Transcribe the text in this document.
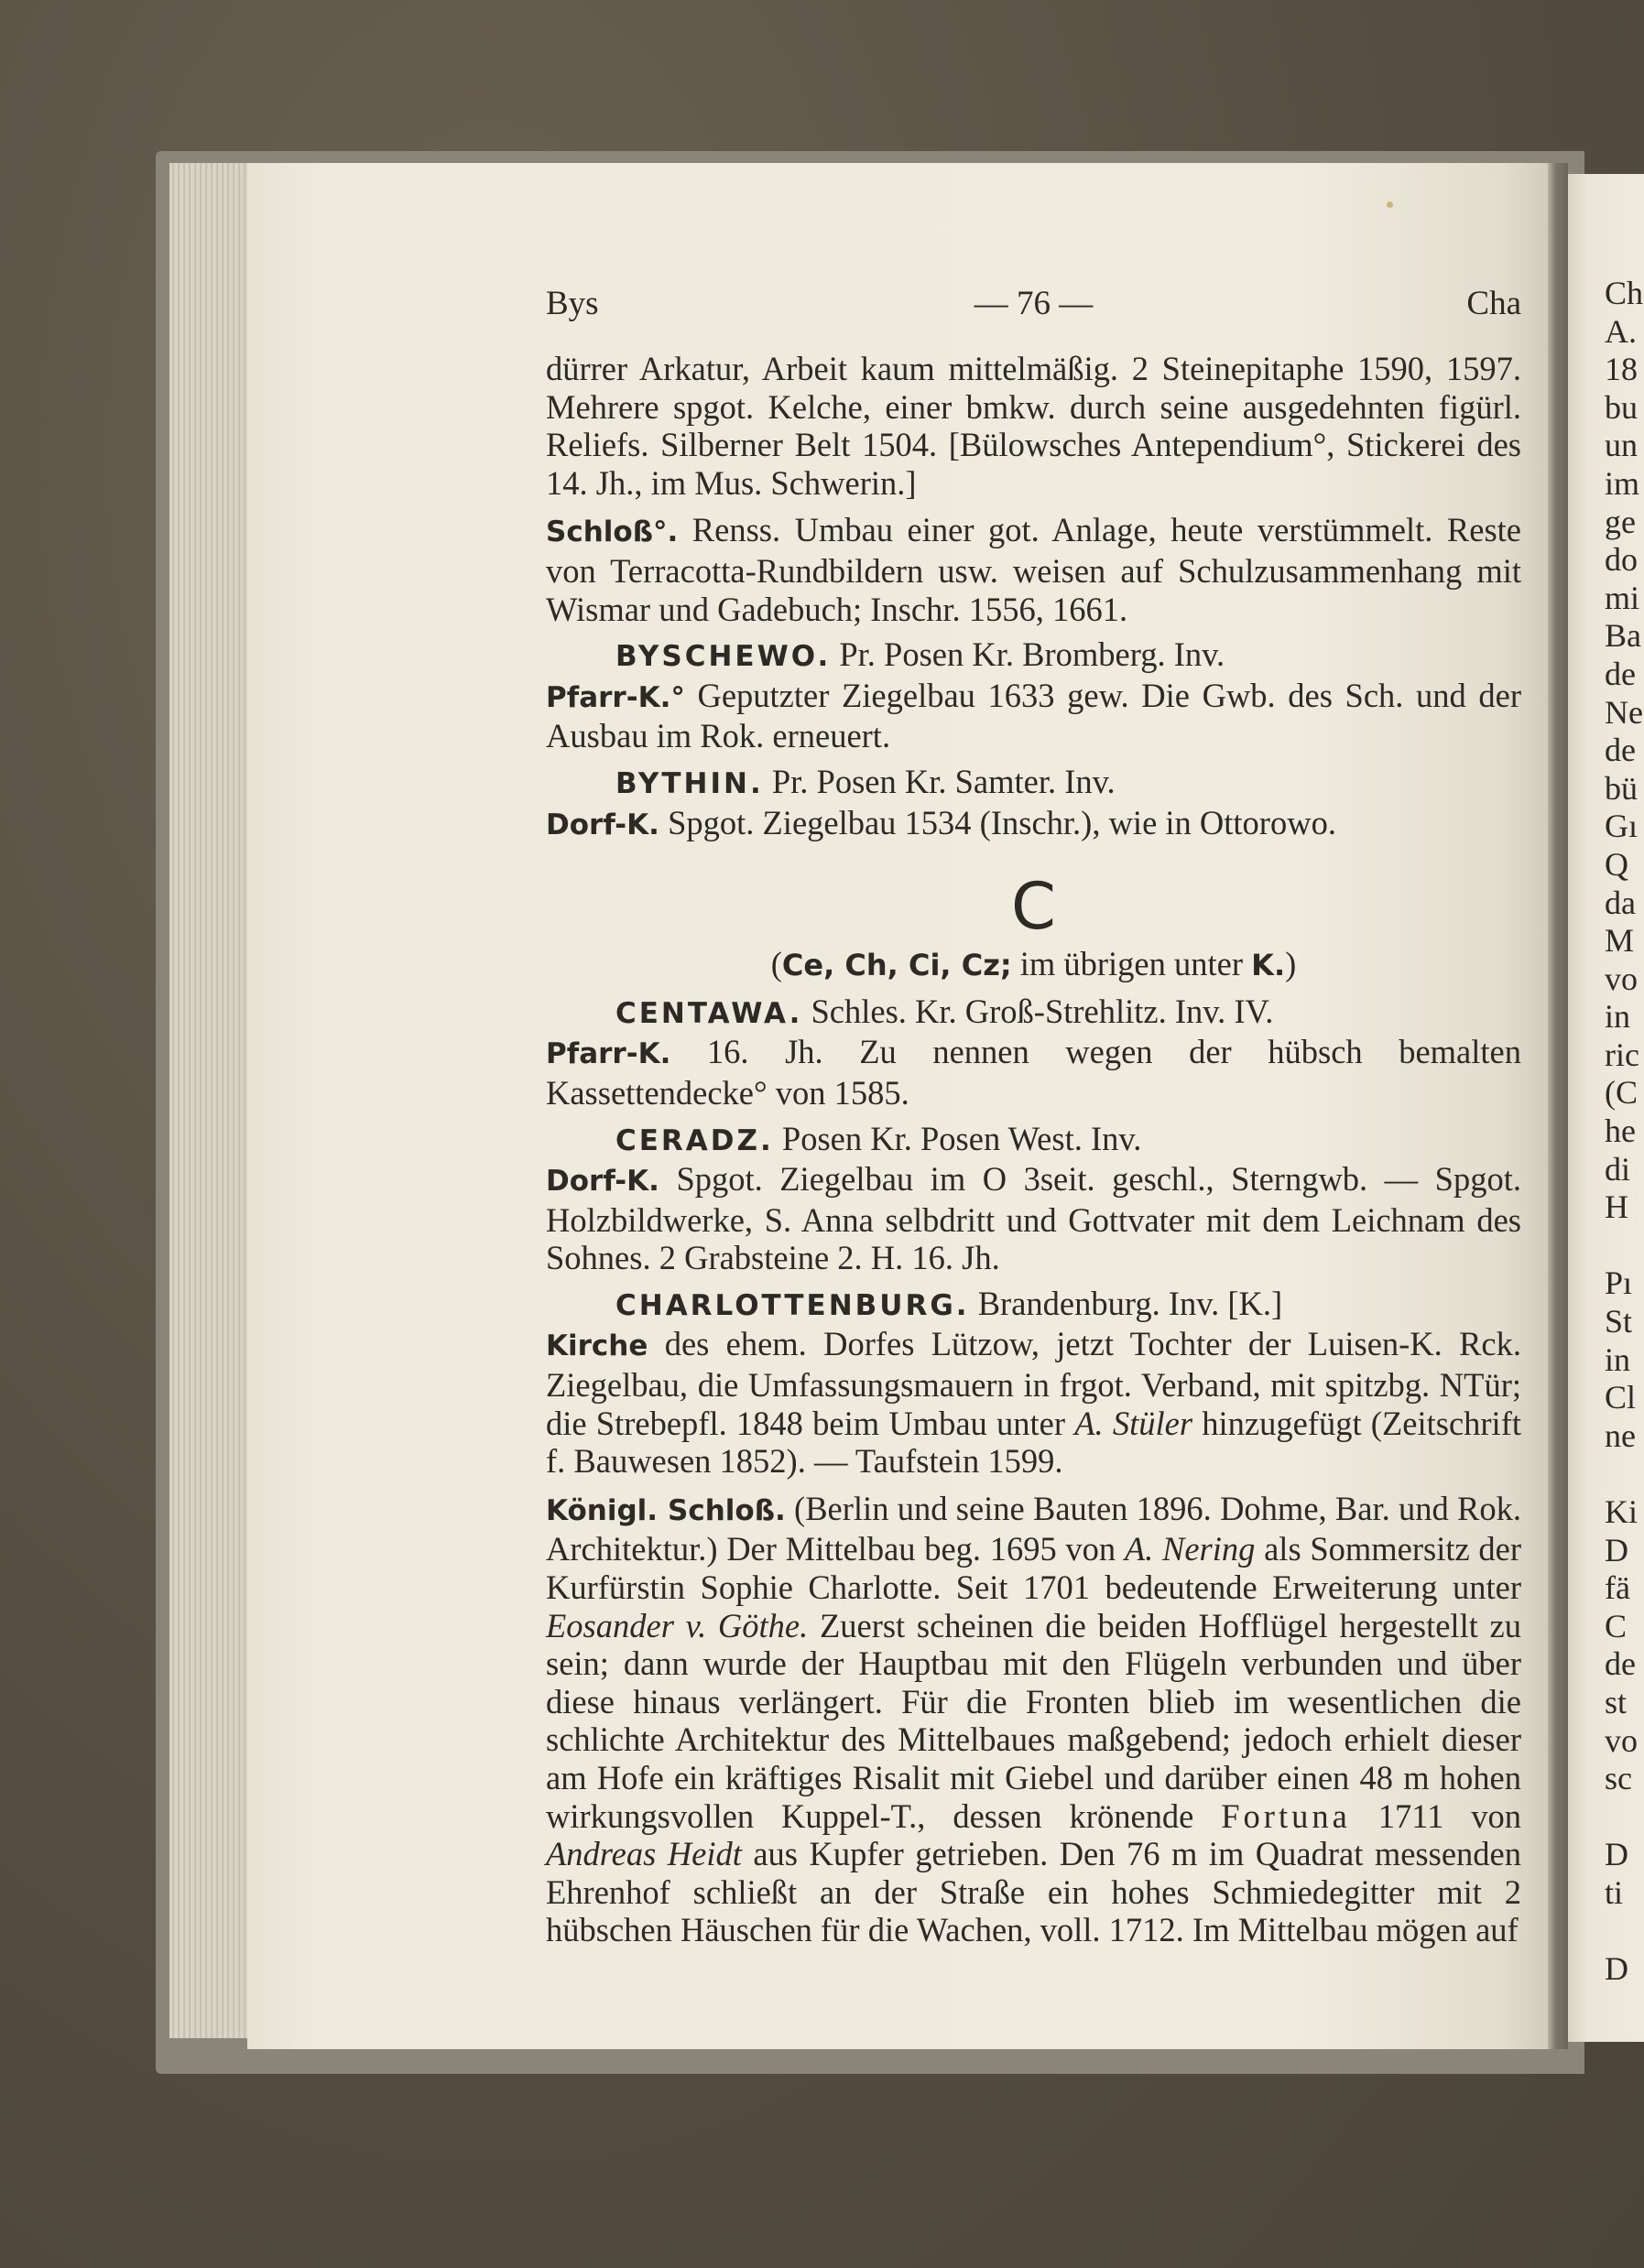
Bys	— 76 —	Cha

dürrer Arkatur, Arbeit kaum mittelmäßig. 2 Steinepitaphe 1590, 1597. Mehrere spgot. Kelche, einer bmkw. durch seine ausgedehnten figürl. Reliefs. Silberner Belt 1504. [Bülowsches Antependium°, Stickerei des 14. Jh., im Mus. Schwerin.]

Schloß°. Renss. Umbau einer got. Anlage, heute verstümmelt. Reste von Terracotta-Rundbildern usw. weisen auf Schulzusammenhang mit Wismar und Gadebuch; Inschr. 1556, 1661.

BYSCHEWO. Pr. Posen Kr. Bromberg. Inv.

Pfarr-K.° Geputzter Ziegelbau 1633 gew. Die Gwb. des Sch. und der Ausbau im Rok. erneuert.

BYTHIN. Pr. Posen Kr. Samter. Inv.

Dorf-K. Spgot. Ziegelbau 1534 (Inschr.), wie in Ottorowo.

C

(Ce, Ch, Ci, Cz; im übrigen unter K.)

CENTAWA. Schles. Kr. Groß-Strehlitz. Inv. IV.

Pfarr-K. 16. Jh. Zu nennen wegen der hübsch bemalten Kassettendecke° von 1585.

CERADZ. Posen Kr. Posen West. Inv.

Dorf-K. Spgot. Ziegelbau im O 3seit. geschl., Sterngwb. — Spgot. Holzbildwerke, S. Anna selbdritt und Gottvater mit dem Leichnam des Sohnes. 2 Grabsteine 2. H. 16. Jh.

CHARLOTTENBURG. Brandenburg. Inv. [K.]

Kirche des ehem. Dorfes Lützow, jetzt Tochter der Luisen-K. Rck. Ziegelbau, die Umfassungsmauern in frgot. Verband, mit spitzbg. NTür; die Strebepfl. 1848 beim Umbau unter A. Stüler hinzugefügt (Zeitschrift f. Bauwesen 1852). — Taufstein 1599.

Königl. Schloß. (Berlin und seine Bauten 1896. Dohme, Bar. und Rok. Architektur.) Der Mittelbau beg. 1695 von A. Nering als Sommersitz der Kurfürstin Sophie Charlotte. Seit 1701 bedeutende Erweiterung unter Eosander v. Göthe. Zuerst scheinen die beiden Hofflügel hergestellt zu sein; dann wurde der Hauptbau mit den Flügeln verbunden und über diese hinaus verlängert. Für die Fronten blieb im wesentlichen die schlichte Architektur des Mittelbaues maßgebend; jedoch erhielt dieser am Hofe ein kräftiges Risalit mit Giebel und darüber einen 48 m hohen wirkungsvollen Kuppel-T., dessen krönende Fortuna 1711 von Andreas Heidt aus Kupfer getrieben. Den 76 m im Quadrat messenden Ehrenhof schließt an der Straße ein hohes Schmiedegitter mit 2 hübschen Häuschen für die Wachen, voll. 1712. Im Mittelbau mögen auf

Ch
A.
18
bu
un
im
ge
do
mi
Ba
de
Ne
de
bü
Gı
Q
da
M
vo
in
ric
(C
he
di
H
Pı
St
in
Cl
ne
Ki
D
fä
C
de
st
vo
sc
D
ti
D
